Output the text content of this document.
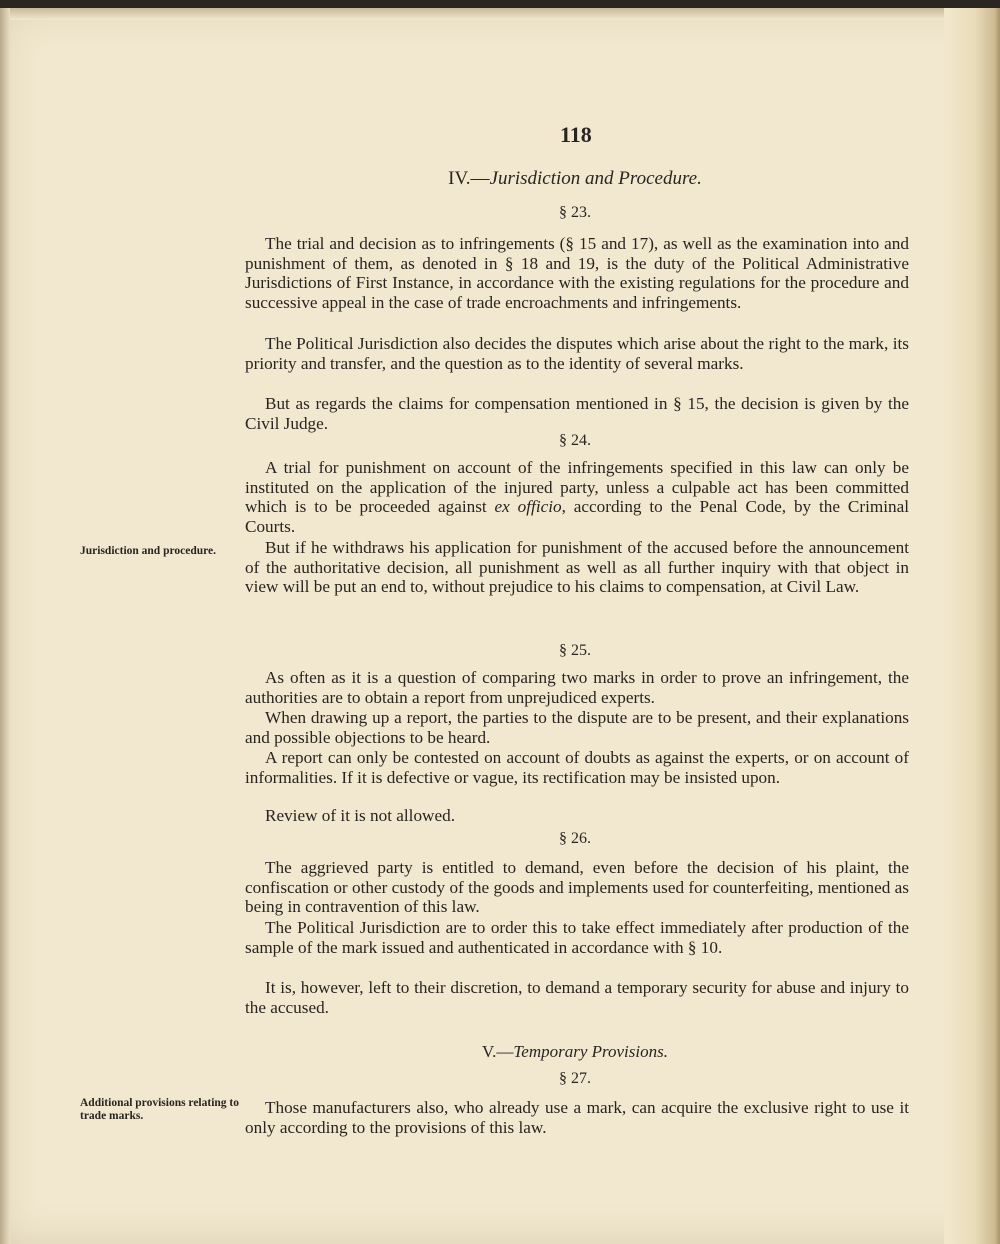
118
IV.—Jurisdiction and Procedure.
§ 23.

The trial and decision as to infringements (§ 15 and 17), as well as the examination into and punishment of them, as denoted in § 18 and 19, is the duty of the Political Administrative Jurisdictions of First Instance, in accordance with the existing regulations for the procedure and successive appeal in the case of trade encroachments and infringements.

The Political Jurisdiction also decides the disputes which arise about the right to the mark, its priority and transfer, and the question as to the identity of several marks.

But as regards the claims for compensation mentioned in § 15, the decision is given by the Civil Judge.

§ 24.

A trial for punishment on account of the infringements specified in this law can only be instituted on the application of the injured party, unless a culpable act has been committed which is to be proceeded against ex officio, according to the Penal Code, by the Criminal Courts.

Jurisdiction and procedure.	But if he withdraws his application for punishment of the accused before the announcement of the authoritative decision, all punishment as well as all further inquiry with that object in view will be put an end to, without prejudice to his claims to compensation, at Civil Law.

§ 25.

As often as it is a question of comparing two marks in order to prove an infringement, the authorities are to obtain a report from unprejudiced experts.

When drawing up a report, the parties to the dispute are to be present, and their explanations and possible objections to be heard.

A report can only be contested on account of doubts as against the experts, or on account of informalities. If it is defective or vague, its rectification may be insisted upon.

Review of it is not allowed.

§ 26.

The aggrieved party is entitled to demand, even before the decision of his plaint, the confiscation or other custody of the goods and implements used for counterfeiting, mentioned as being in contravention of this law.

The Political Jurisdiction are to order this to take effect immediately after production of the sample of the mark issued and authenticated in accordance with § 10.

It is, however, left to their discretion, to demand a temporary security for abuse and injury to the accused.

V.—Temporary Provisions.
§ 27.

Additional provisions relating to trade marks.	Those manufacturers also, who already use a mark, can acquire the exclusive right to use it only according to the provisions of this law.
